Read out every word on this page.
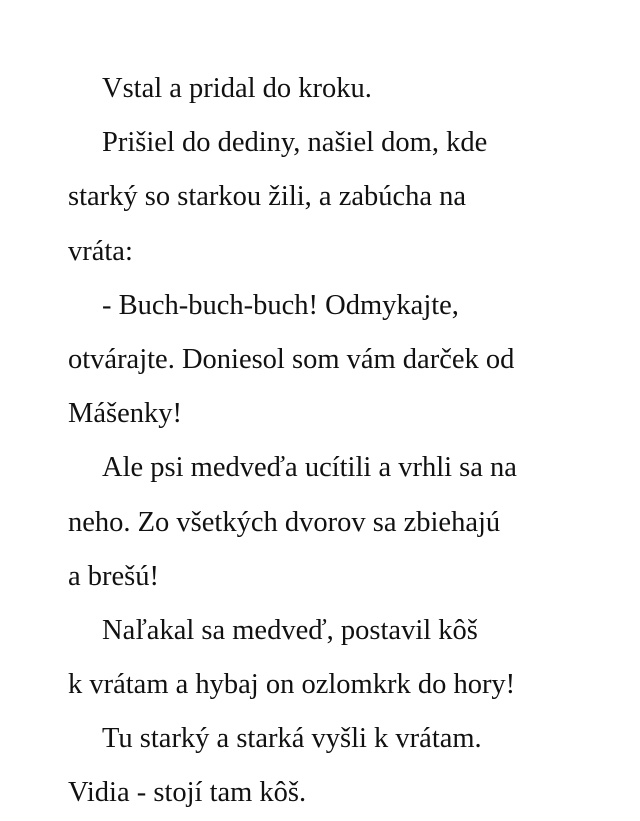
Vstal a pridal do kroku.
Prišiel do dediny, našiel dom, kde
starký so starkou žili, a zabúcha na
vráta:
- Buch-buch-buch! Odmykajte,
otvárajte. Doniesol som vám darček od
Mášenky!
Ale psi medveďa ucítili a vrhli sa na
neho. Zo všetkých dvorov sa zbiehajú
a brešú!
Naľakal sa medveď, postavil kôš
k vrátam a hybaj on ozlomkrk do hory!
Tu starký a starká vyšli k vrátam.
Vidia - stojí tam kôš.
